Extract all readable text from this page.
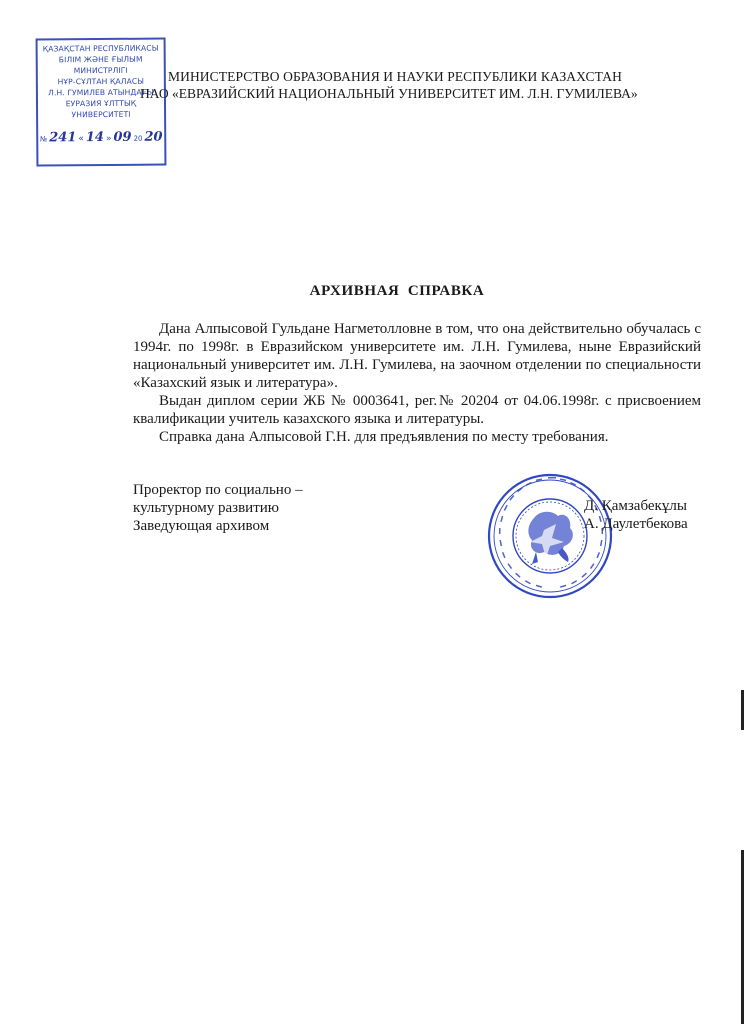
ҚАЗАҚСТАН РЕСПУБЛИКАСЫ
БІЛІМ ЖӘНЕ ҒЫЛЫМ
МИНИСТРЛІГІ
НҰР-СҰЛТАН ҚАЛАСЫ
Л.Н. ГУМИЛЕВ АТЫНДАҒЫ
ЕУРАЗИЯ ҰЛТТЫҚ
УНИВЕРСИТЕТІ
№ 241 « 14 » 09 20 20
МИНИСТЕРСТВО ОБРАЗОВАНИЯ И НАУКИ РЕСПУБЛИКИ КАЗАХСТАН
НАО «ЕВРАЗИЙСКИЙ НАЦИОНАЛЬНЫЙ УНИВЕРСИТЕТ ИМ. Л.Н. ГУМИЛЕВА»
АРХИВНАЯ СПРАВКА

Дана Алпысовой Гульдане Нагметолловне в том, что она действительно обучалась с 1994г. по 1998г. в Евразийском университете им. Л.Н. Гумилева, ныне Евразийский национальный университет им. Л.Н. Гумилева, на заочном отделении по специальности «Казахский язык и литература».

Выдан диплом серии ЖБ № 0003641, рег.№ 20204 от 04.06.1998г. с присвоением квалификации учитель казахского языка и литературы.

Справка дана Алпысовой Г.Н. для предъявления по месту требования.

Проректор по социально –
культурному развитию
Заведующая архивом
Д. Қамзабекұлы
А. Даулетбекова
